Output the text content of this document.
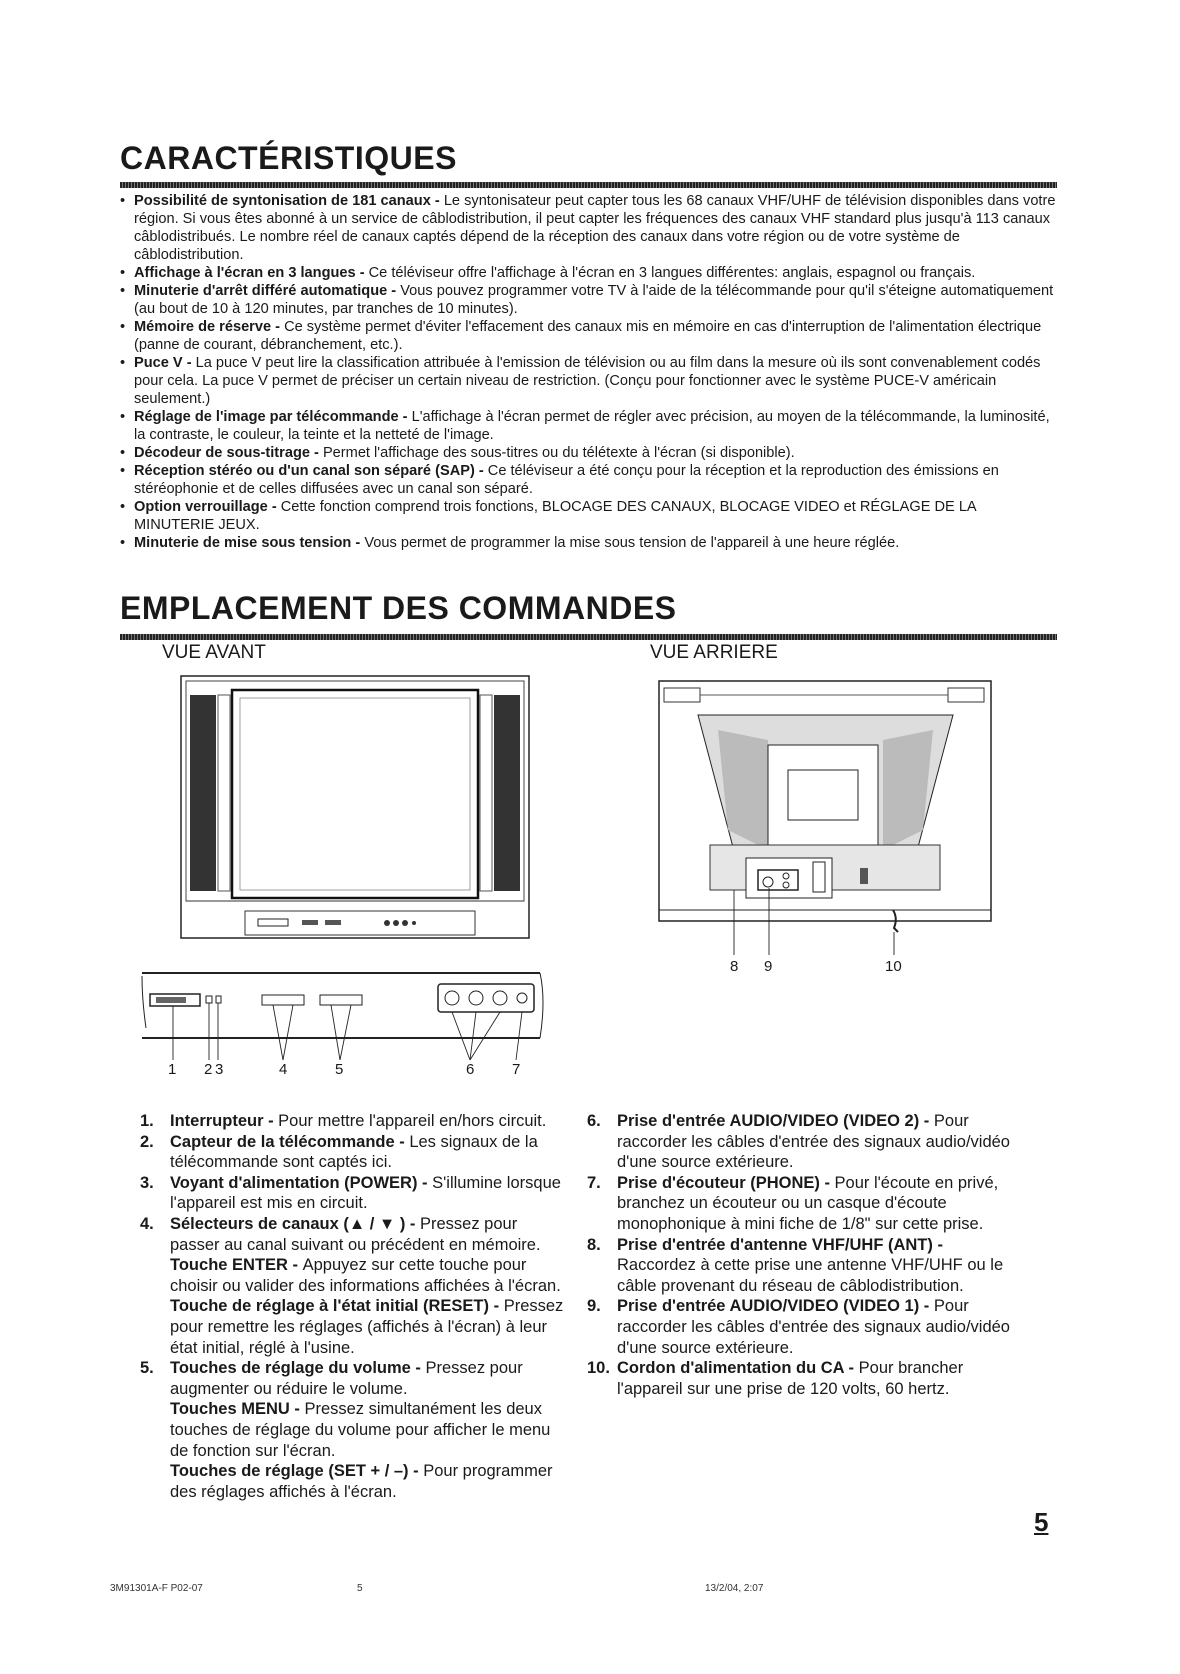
CARACTÉRISTIQUES
• Possibilité de syntonisation de 181 canaux - Le syntonisateur peut capter tous les 68 canaux VHF/UHF de télévision disponibles dans votre région. Si vous êtes abonné à un service de câblodistribution, il peut capter les fréquences des canaux VHF standard plus jusqu'à 113 canaux câblodistribués. Le nombre réel de canaux captés dépend de la réception des canaux dans votre région ou de votre système de câblodistribution.
• Affichage à l'écran en 3 langues - Ce téléviseur offre l'affichage à l'écran en 3 langues différentes: anglais, espagnol ou français.
• Minuterie d'arrêt différé automatique - Vous pouvez programmer votre TV à l'aide de la télécommande pour qu'il s'éteigne automatiquement (au bout de 10 à 120 minutes, par tranches de 10 minutes).
• Mémoire de réserve - Ce système permet d'éviter l'effacement des canaux mis en mémoire en cas d'interruption de l'alimentation électrique (panne de courant, débranchement, etc.).
• Puce V - La puce V peut lire la classification attribuée à l'emission de télévision ou au film dans la mesure où ils sont convenablement codés pour cela. La puce V permet de préciser un certain niveau de restriction. (Conçu pour fonctionner avec le système PUCE-V américain seulement.)
• Réglage de l'image par télécommande - L'affichage à l'écran permet de régler avec précision, au moyen de la télécommande, la luminosité, la contraste, le couleur, la teinte et la netteté de l'image.
• Décodeur de sous-titrage - Permet l'affichage des sous-titres ou du télétexte à l'écran (si disponible).
• Réception stéréo ou d'un canal son séparé (SAP) - Ce téléviseur a été conçu pour la réception et la reproduction des émissions en stéréophonie et de celles diffusées avec un canal son séparé.
• Option verrouillage - Cette fonction comprend trois fonctions, BLOCAGE DES CANAUX, BLOCAGE VIDEO et RÉGLAGE DE LA MINUTERIE JEUX.
• Minuterie de mise sous tension - Vous permet de programmer la mise sous tension de l'appareil à une heure réglée.
EMPLACEMENT DES COMMANDES
VUE AVANT	VUE ARRIERE
1 2 3	4	5	6	7
8 9	10
1. Interrupteur - Pour mettre l'appareil en/hors circuit.
2. Capteur de la télécommande - Les signaux de la télécommande sont captés ici.
3. Voyant d'alimentation (POWER) - S'illumine lorsque l'appareil est mis en circuit.
4. Sélecteurs de canaux (▲ / ▼ ) - Pressez pour passer au canal suivant ou précédent en mémoire.
Touche ENTER - Appuyez sur cette touche pour choisir ou valider des informations affichées à l'écran.
Touche de réglage à l'état initial (RESET) - Pressez pour remettre les réglages (affichés à l'écran) à leur état initial, réglé à l'usine.
5. Touches de réglage du volume - Pressez pour augmenter ou réduire le volume.
Touches MENU - Pressez simultanément les deux touches de réglage du volume pour afficher le menu de fonction sur l'écran.
Touches de réglage (SET + / –) - Pour programmer des réglages affichés à l'écran.
6. Prise d'entrée AUDIO/VIDEO (VIDEO 2) - Pour raccorder les câbles d'entrée des signaux audio/vidéo d'une source extérieure.
7. Prise d'écouteur (PHONE) - Pour l'écoute en privé, branchez un écouteur ou un casque d'écoute monophonique à mini fiche de 1/8" sur cette prise.
8. Prise d'entrée d'antenne VHF/UHF (ANT) - Raccordez à cette prise une antenne VHF/UHF ou le câble provenant du réseau de câblodistribution.
9. Prise d'entrée AUDIO/VIDEO (VIDEO 1) - Pour raccorder les câbles d'entrée des signaux audio/vidéo d'une source extérieure.
10. Cordon d'alimentation du CA - Pour brancher l'appareil sur une prise de 120 volts, 60 hertz.

5

3M91301A-F P02-07	5	13/2/04, 2:07
